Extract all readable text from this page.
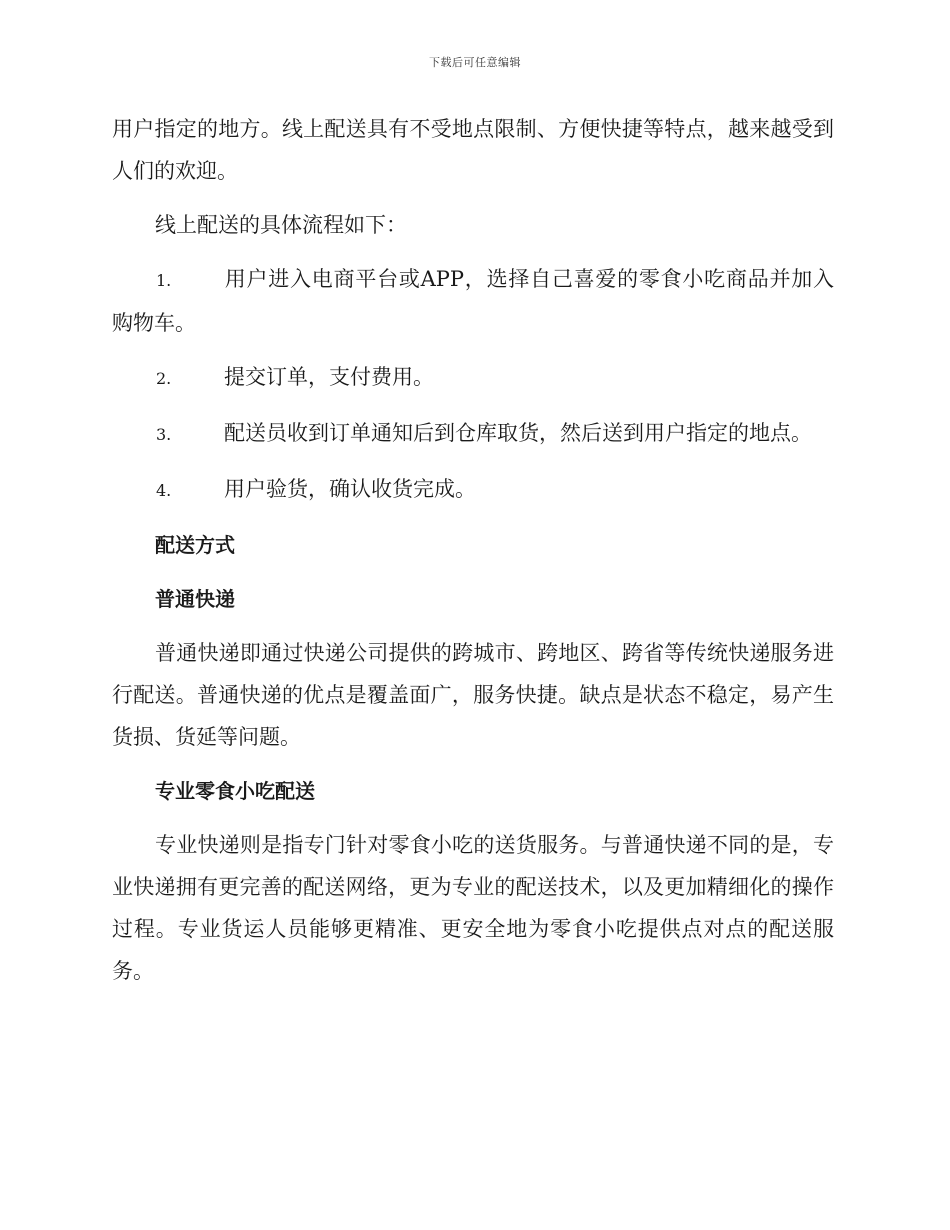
下载后可任意编辑

用户指定的地方。线上配送具有不受地点限制、方便快捷等特点，越来越受到人们的欢迎。

线上配送的具体流程如下：

1.	用户进入电商平台或APP，选择自己喜爱的零食小吃商品并加入购物车。

2.	提交订单，支付费用。

3.	配送员收到订单通知后到仓库取货，然后送到用户指定的地点。

4.	用户验货，确认收货完成。

配送方式

普通快递

普通快递即通过快递公司提供的跨城市、跨地区、跨省等传统快递服务进行配送。普通快递的优点是覆盖面广，服务快捷。缺点是状态不稳定，易产生货损、货延等问题。

专业零食小吃配送

专业快递则是指专门针对零食小吃的送货服务。与普通快递不同的是，专业快递拥有更完善的配送网络，更为专业的配送技术，以及更加精细化的操作过程。专业货运人员能够更精准、更安全地为零食小吃提供点对点的配送服务。
